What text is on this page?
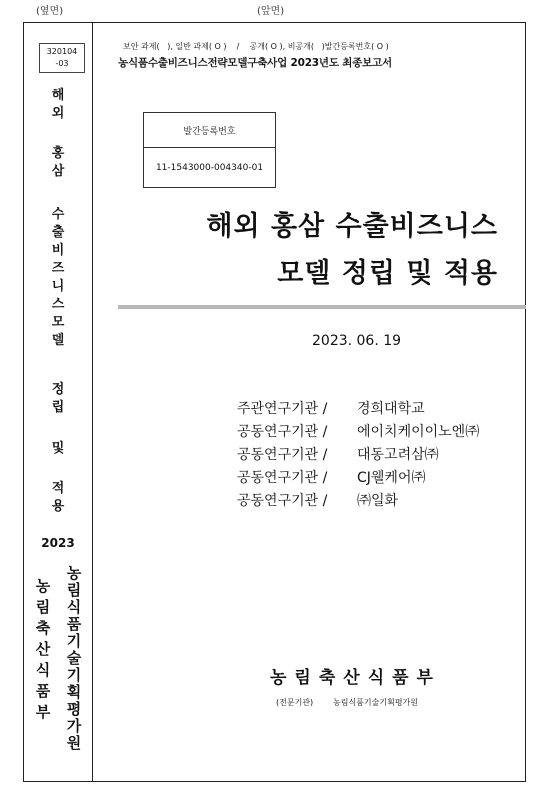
(옆면)	(앞면)
320104
-03
해
외
홍
삼
수
출
비
즈
니
스
모
델
정
립
및
적
용
2023
농
림
축
산
식
품
부
농
림
식
품
기
술
기
획
평
가
원
보안 과제(   ), 일반 과제( O )    /    공개( O ), 비공개(   )발간등록번호( O )
농식품수출비즈니스전략모델구축사업 2023년도 최종보고서
발간등록번호
11-1543000-004340-01
해외 홍삼 수출비즈니스
모델 정립 및 적용
2023. 06. 19
주관연구기관 / 경희대학교
공동연구기관 / 에이치케이이노엔㈜
공동연구기관 / 대동고려삼㈜
공동연구기관 / CJ웰케어㈜
공동연구기관 / ㈜일화
농림축산식품부
(전문기관) 농림식품기술기획평가원
